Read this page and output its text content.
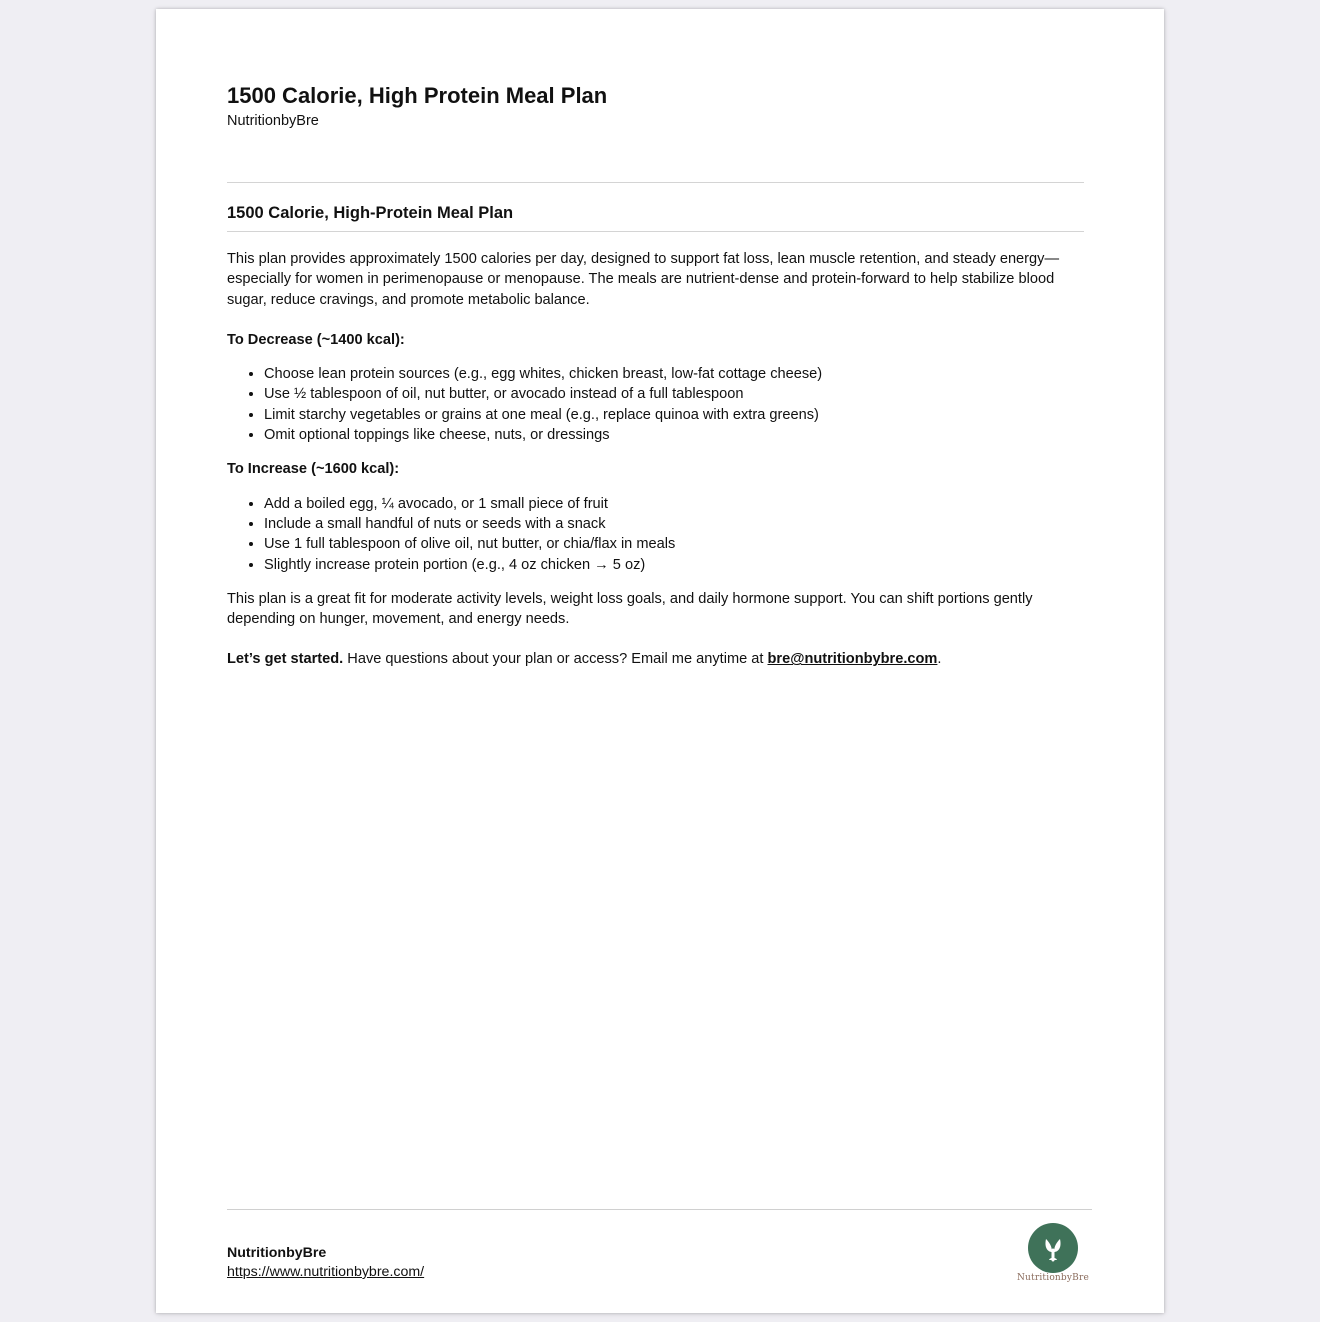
1500 Calorie, High Protein Meal Plan
NutritionbyBre
1500 Calorie, High-Protein Meal Plan

This plan provides approximately 1500 calories per day, designed to support fat loss, lean muscle retention, and steady energy—especially for women in perimenopause or menopause. The meals are nutrient-dense and protein-forward to help stabilize blood sugar, reduce cravings, and promote metabolic balance.

To Decrease (~1400 kcal):

• Choose lean protein sources (e.g., egg whites, chicken breast, low-fat cottage cheese)
• Use ½ tablespoon of oil, nut butter, or avocado instead of a full tablespoon
• Limit starchy vegetables or grains at one meal (e.g., replace quinoa with extra greens)
• Omit optional toppings like cheese, nuts, or dressings

To Increase (~1600 kcal):

• Add a boiled egg, ¼ avocado, or 1 small piece of fruit
• Include a small handful of nuts or seeds with a snack
• Use 1 full tablespoon of olive oil, nut butter, or chia/flax in meals
• Slightly increase protein portion (e.g., 4 oz chicken → 5 oz)

This plan is a great fit for moderate activity levels, weight loss goals, and daily hormone support. You can shift portions gently depending on hunger, movement, and energy needs.

Let’s get started. Have questions about your plan or access? Email me anytime at bre@nutritionbybre.com.

NutritionbyBre
https://www.nutritionbybre.com/	NutritionbyBre
